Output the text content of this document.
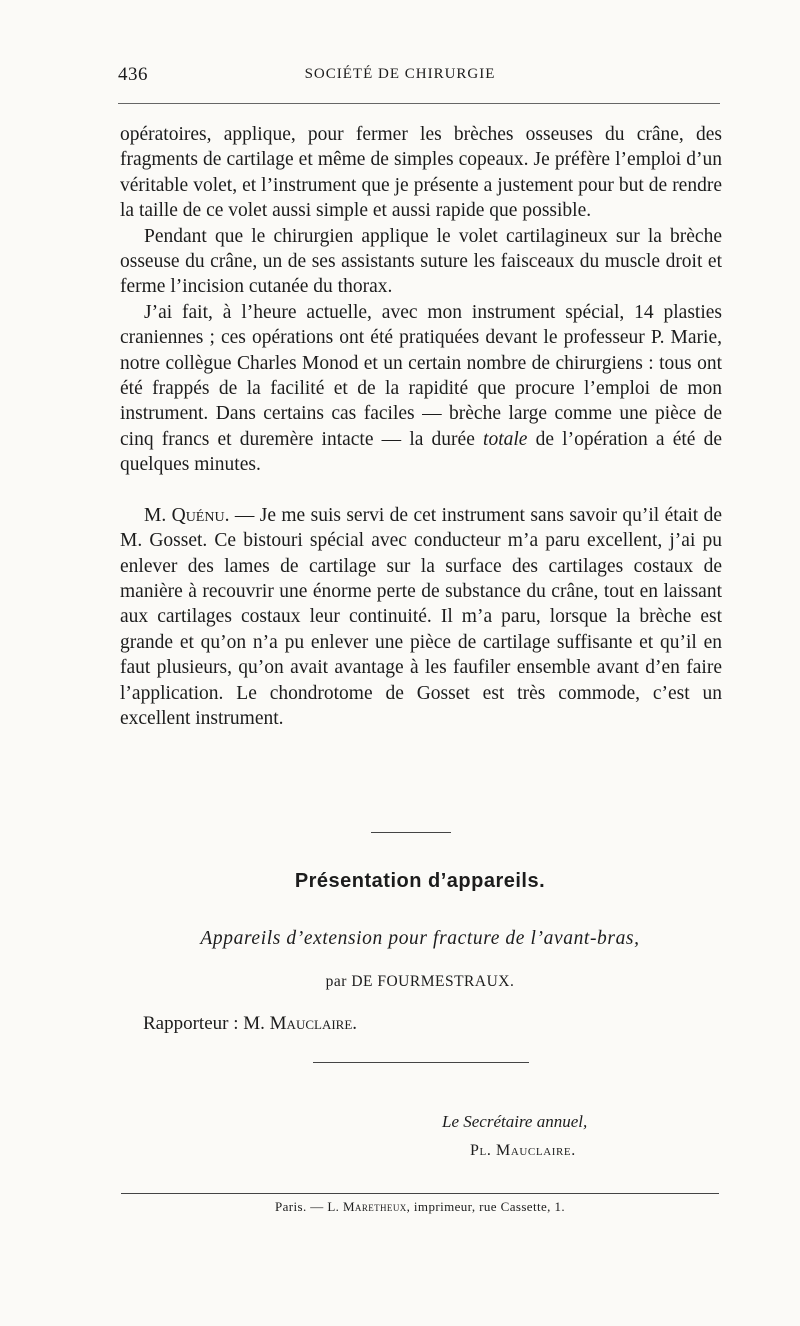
436	SOCIÉTÉ DE CHIRURGIE

opératoires, applique, pour fermer les brèches osseuses du crâne, des fragments de cartilage et même de simples copeaux. Je préfère l’emploi d’un véritable volet, et l’instrument que je présente a justement pour but de rendre la taille de ce volet aussi simple et aussi rapide que possible.

Pendant que le chirurgien applique le volet cartilagineux sur la brèche osseuse du crâne, un de ses assistants suture les faisceaux du muscle droit et ferme l’incision cutanée du thorax.

J’ai fait, à l’heure actuelle, avec mon instrument spécial, 14 plasties craniennes ; ces opérations ont été pratiquées devant le professeur P. Marie, notre collègue Charles Monod et un certain nombre de chirurgiens : tous ont été frappés de la facilité et de la rapidité que procure l’emploi de mon instrument. Dans certains cas faciles — brèche large comme une pièce de cinq francs et duremère intacte — la durée totale de l’opération a été de quelques minutes.

M. Quénu. — Je me suis servi de cet instrument sans savoir qu’il était de M. Gosset. Ce bistouri spécial avec conducteur m’a paru excellent, j’ai pu enlever des lames de cartilage sur la surface des cartilages costaux de manière à recouvrir une énorme perte de substance du crâne, tout en laissant aux cartilages costaux leur continuité. Il m’a paru, lorsque la brèche est grande et qu’on n’a pu enlever une pièce de cartilage suffisante et qu’il en faut plusieurs, qu’on avait avantage à les faufiler ensemble avant d’en faire l’application. Le chondrotome de Gosset est très commode, c’est un excellent instrument.

Présentation d’appareils.
Appareils d’extension pour fracture de l’avant-bras,
par DE FOURMESTRAUX.
Rapporteur : M. Mauclaire.
Le Secrétaire annuel,
Pl. Mauclaire.
Paris. — L. Maretheux, imprimeur, rue Cassette, 1.
